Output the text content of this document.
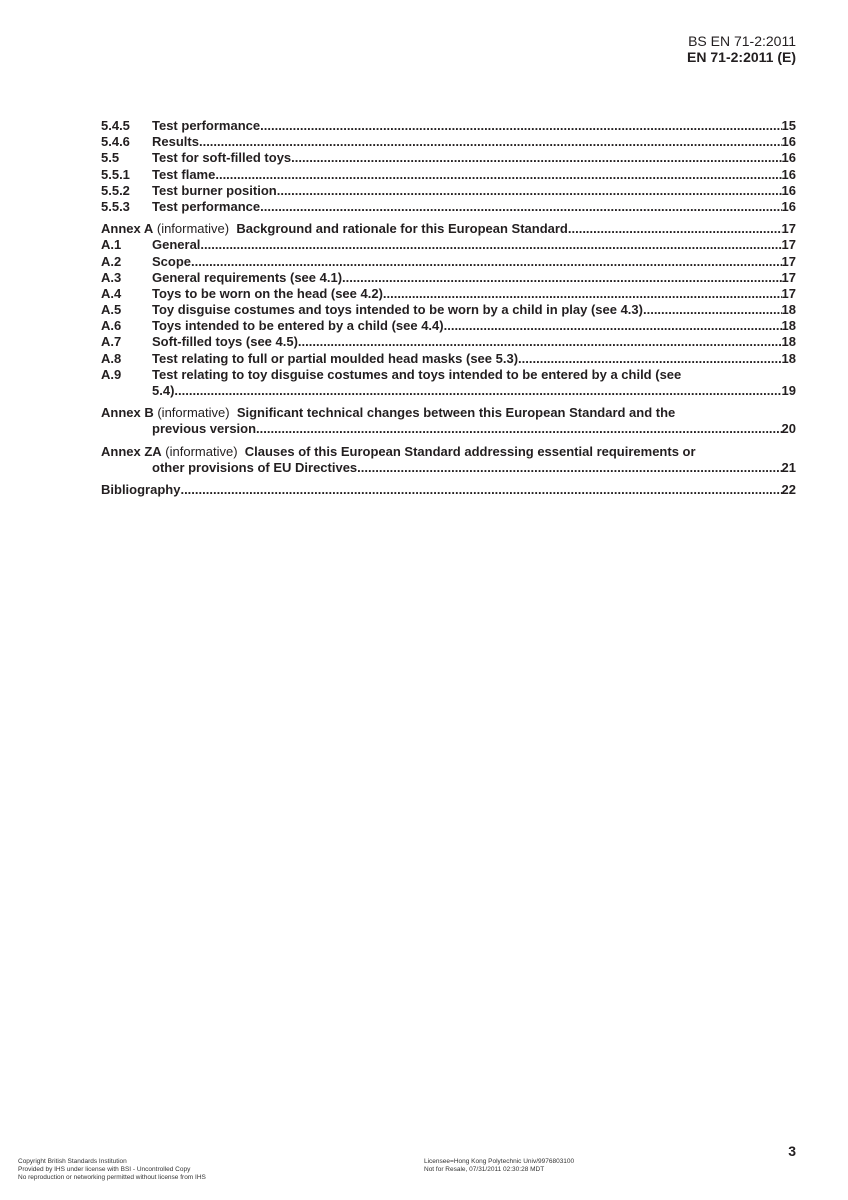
BS EN 71-2:2011
EN 71-2:2011 (E)
5.4.5	Test performance .....	15
5.4.6	Results .....	16
5.5	Test for soft-filled toys .....	16
5.5.1	Test flame .....	16
5.5.2	Test burner position .....	16
5.5.3	Test performance .....	16
Annex A (informative) Background and rationale for this European Standard .....	17
A.1	General .....	17
A.2	Scope .....	17
A.3	General requirements (see 4.1) .....	17
A.4	Toys to be worn on the head (see 4.2) .....	17
A.5	Toy disguise costumes and toys intended to be worn by a child in play (see 4.3) .....	18
A.6	Toys intended to be entered by a child (see 4.4) .....	18
A.7	Soft-filled toys (see 4.5) .....	18
A.8	Test relating to full or partial moulded head masks (see 5.3) .....	18
A.9 Test relating to toy disguise costumes and toys intended to be entered by a child (see
5.4) .....	19
Annex B (informative)  Significant technical changes between this European Standard and the
previous version .....	20
Annex ZA (informative)  Clauses of this European Standard addressing essential requirements or
other provisions of EU Directives .....	21
Bibliography .....	22
3
Copyright British Standards Institution
Provided by IHS under license with BSI - Uncontrolled Copy
No reproduction or networking permitted without license from IHS
Licensee=Hong Kong Polytechnic Univ/9976803100
Not for Resale, 07/31/2011 02:30:28 MDT
